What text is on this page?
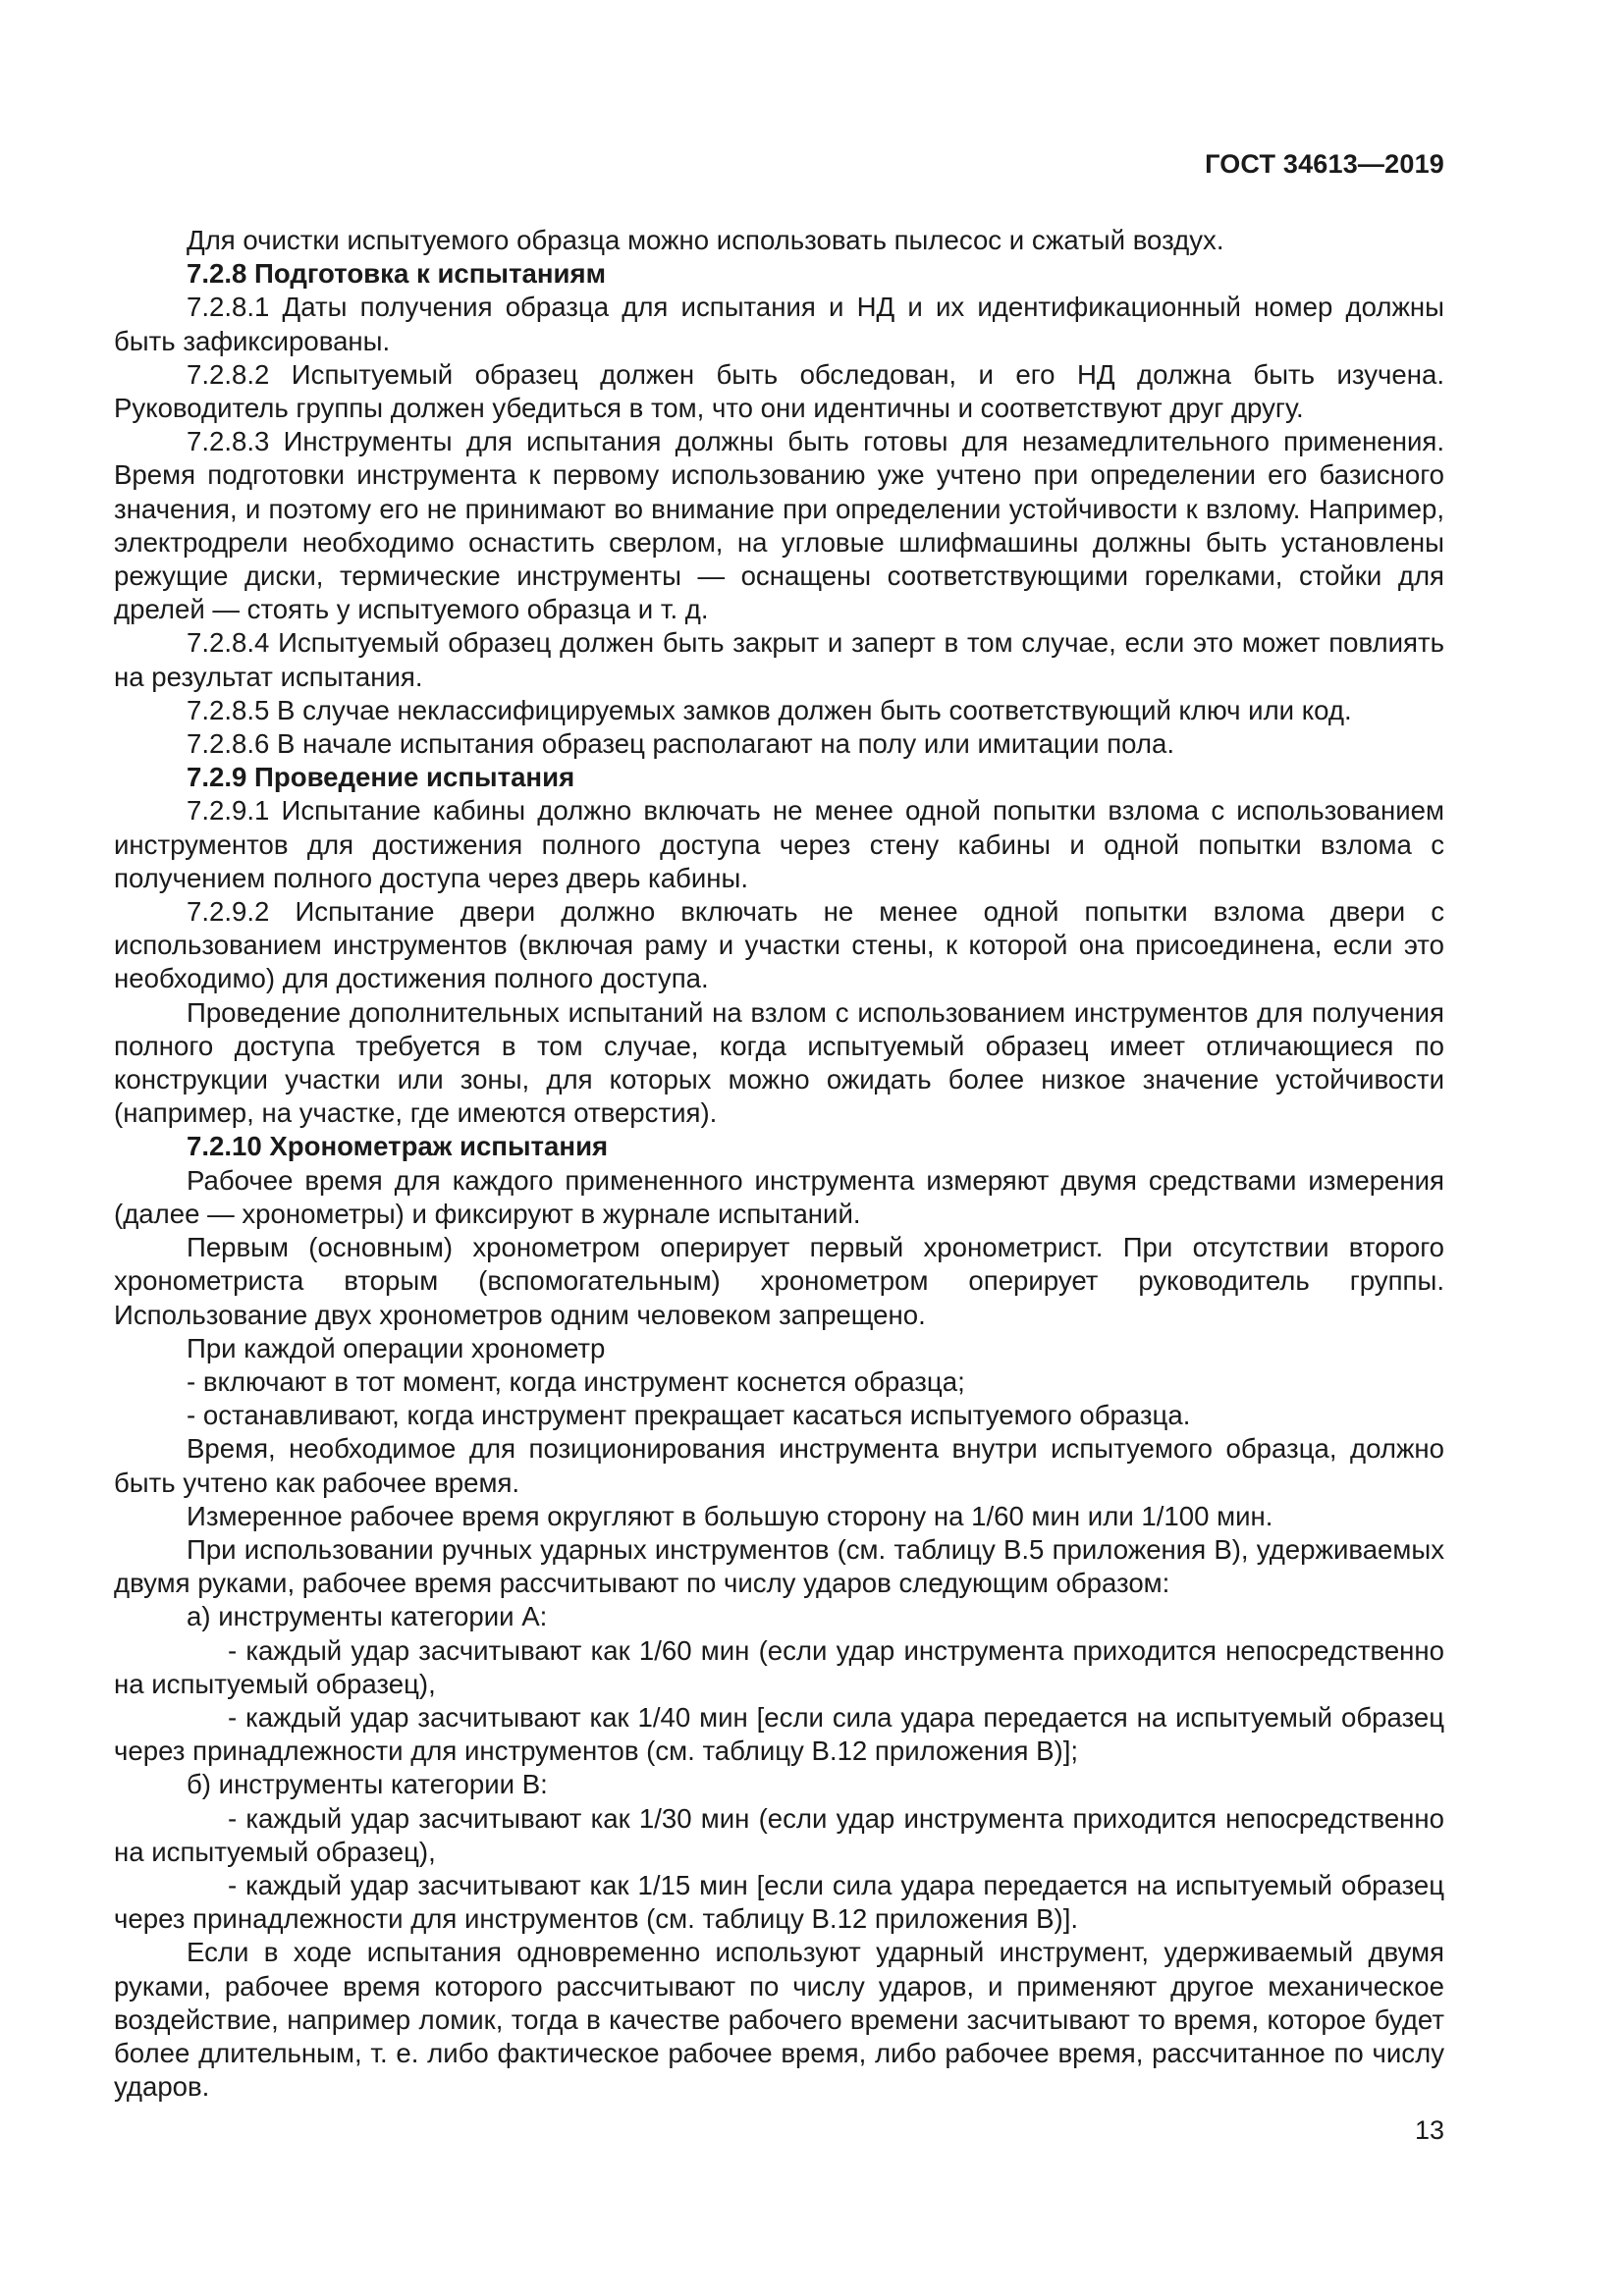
ГОСТ 34613—2019

Для очистки испытуемого образца можно использовать пылесос и сжатый воздух.

7.2.8 Подготовка к испытаниям

7.2.8.1 Даты получения образца для испытания и НД и их идентификационный номер должны быть зафиксированы.

7.2.8.2 Испытуемый образец должен быть обследован, и его НД должна быть изучена. Руководитель группы должен убедиться в том, что они идентичны и соответствуют друг другу.

7.2.8.3 Инструменты для испытания должны быть готовы для незамедлительного применения. Время подготовки инструмента к первому использованию уже учтено при определении его базисного значения, и поэтому его не принимают во внимание при определении устойчивости к взлому. Например, электродрели необходимо оснастить сверлом, на угловые шлифмашины должны быть установлены режущие диски, термические инструменты — оснащены соответствующими горелками, стойки для дрелей — стоять у испытуемого образца и т. д.

7.2.8.4 Испытуемый образец должен быть закрыт и заперт в том случае, если это может повлиять на результат испытания.

7.2.8.5 В случае неклассифицируемых замков должен быть соответствующий ключ или код.

7.2.8.6 В начале испытания образец располагают на полу или имитации пола.

7.2.9 Проведение испытания

7.2.9.1 Испытание кабины должно включать не менее одной попытки взлома с использованием инструментов для достижения полного доступа через стену кабины и одной попытки взлома с получением полного доступа через дверь кабины.

7.2.9.2 Испытание двери должно включать не менее одной попытки взлома двери с использованием инструментов (включая раму и участки стены, к которой она присоединена, если это необходимо) для достижения полного доступа.

Проведение дополнительных испытаний на взлом с использованием инструментов для получения полного доступа требуется в том случае, когда испытуемый образец имеет отличающиеся по конструкции участки или зоны, для которых можно ожидать более низкое значение устойчивости (например, на участке, где имеются отверстия).

7.2.10 Хронометраж испытания

Рабочее время для каждого примененного инструмента измеряют двумя средствами измерения (далее — хронометры) и фиксируют в журнале испытаний.

Первым (основным) хронометром оперирует первый хронометрист. При отсутствии второго хронометриста вторым (вспомогательным) хронометром оперирует руководитель группы. Использование двух хронометров одним человеком запрещено.

При каждой операции хронометр

- включают в тот момент, когда инструмент коснется образца;

- останавливают, когда инструмент прекращает касаться испытуемого образца.

Время, необходимое для позиционирования инструмента внутри испытуемого образца, должно быть учтено как рабочее время.

Измеренное рабочее время округляют в большую сторону на 1/60 мин или 1/100 мин.

При использовании ручных ударных инструментов (см. таблицу В.5 приложения В), удерживаемых двумя руками, рабочее время рассчитывают по числу ударов следующим образом:

а) инструменты категории А:

- каждый удар засчитывают как 1/60 мин (если удар инструмента приходится непосредственно на испытуемый образец),

- каждый удар засчитывают как 1/40 мин [если сила удара передается на испытуемый образец через принадлежности для инструментов (см. таблицу В.12 приложения В)];

б) инструменты категории В:

- каждый удар засчитывают как 1/30 мин (если удар инструмента приходится непосредственно на испытуемый образец),

- каждый удар засчитывают как 1/15 мин [если сила удара передается на испытуемый образец через принадлежности для инструментов (см. таблицу В.12 приложения В)].

Если в ходе испытания одновременно используют ударный инструмент, удерживаемый двумя руками, рабочее время которого рассчитывают по числу ударов, и применяют другое механическое воздействие, например ломик, тогда в качестве рабочего времени засчитывают то время, которое будет более длительным, т. е. либо фактическое рабочее время, либо рабочее время, рассчитанное по числу ударов.

13
